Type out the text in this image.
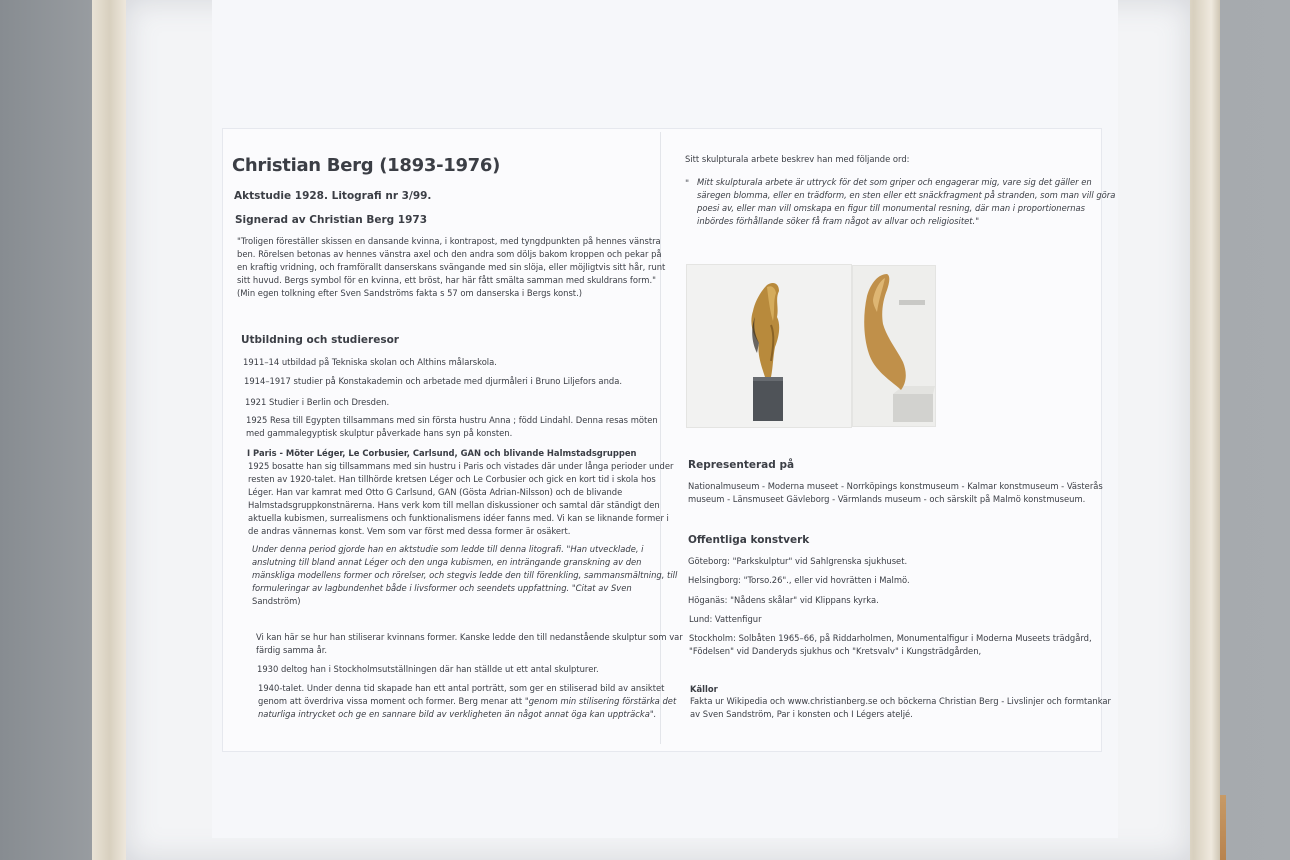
Christian Berg (1893-1976)
Aktstudie 1928. Litografi nr 3/99.
Signerad av Christian Berg 1973
"Troligen föreställer skissen en dansande kvinna, i kontrapost, med tyngdpunkten på hennes vänstra
ben. Rörelsen betonas av hennes vänstra axel och den andra som döljs bakom kroppen och pekar på
en kraftig vridning, och framförallt danserskans svängande med sin slöja, eller möjligtvis sitt hår, runt
sitt huvud. Bergs symbol för en kvinna, ett bröst, har här fått smälta samman med skuldrans form."
(Min egen tolkning efter Sven Sandströms fakta s 57 om danserska i Bergs konst.)
Utbildning och studieresor

1911–14 utbildad på Tekniska skolan och Althins målarskola.

1914–1917 studier på Konstakademin och arbetade med djurmåleri i Bruno Liljefors anda.

1921 Studier i Berlin och Dresden.

1925 Resa till Egypten tillsammans med sin första hustru Anna ; född Lindahl. Denna resas möten
med gammalegyptisk skulptur påverkade hans syn på konsten.

I Paris - Möter Léger, Le Corbusier, Carlsund, GAN och blivande Halmstadsgruppen

1925 bosatte han sig tillsammans med sin hustru i Paris och vistades där under långa perioder under
resten av 1920-talet. Han tillhörde kretsen Léger och Le Corbusier och gick en kort tid i skola hos
Léger. Han var kamrat med Otto G Carlsund, GAN (Gösta Adrian-Nilsson) och de blivande
Halmstadsgruppkonstnärerna. Hans verk kom till mellan diskussioner och samtal där ständigt den
aktuella kubismen, surrealismens och funktionalismens idéer fanns med. Vi kan se liknande former i
de andras vännernas konst. Vem som var först med dessa former är osäkert.
Under denna period gjorde han en aktstudie som ledde till denna litografi. "Han utvecklade, i
anslutning till bland annat Léger och den unga kubismen, en inträngande granskning av den
mänskliga modellens former och rörelser, och stegvis ledde den till förenkling, sammansmältning, till
formuleringar av lagbundenhet både i livsformer och seendets uppfattning. "Citat av Sven
Sandström)
Vi kan här se hur han stiliserar kvinnans former. Kanske ledde den till nedanstående skulptur som var
färdig samma år.

1930 deltog han i Stockholmsutställningen där han ställde ut ett antal skulpturer.

1940-talet. Under denna tid skapade han ett antal porträtt, som ger en stiliserad bild av ansiktet
genom att överdriva vissa moment och former. Berg menar att "genom min stilisering förstärka det
naturliga intrycket och ge en sannare bild av verkligheten än något annat öga kan uppträcka".

Sitt skulpturala arbete beskrev han med följande ord:

" Mitt skulpturala arbete är uttryck för det som griper och engagerar mig, vare sig det gäller en
säregen blomma, eller en trädform, en sten eller ett snäckfragment på stranden, som man vill göra
poesi av, eller man vill omskapa en figur till monumental resning, där man i proportionernas
inbördes förhållande söker få fram något av allvar och religiositet."
Representerad på
Nationalmuseum - Moderna museet - Norrköpings konstmuseum - Kalmar konstmuseum - Västerås
museum - Länsmuseet Gävleborg - Värmlands museum - och särskilt på Malmö konstmuseum.
Offentliga konstverk

Göteborg: "Parkskulptur" vid Sahlgrenska sjukhuset.

Helsingborg: "Torso.26"., eller vid hovrätten i Malmö.

Höganäs: "Nådens skålar" vid Klippans kyrka.

Lund: Vattenfigur

Stockholm: Solbåten 1965–66, på Riddarholmen, Monumentalfigur i Moderna Museets trädgård,
"Födelsen" vid Danderyds sjukhus och "Kretsvalv" i Kungsträdgården,

Källor

Fakta ur Wikipedia och www.christianberg.se och böckerna Christian Berg - Livslinjer och formtankar
av Sven Sandström, Par i konsten och I Légers ateljé.
